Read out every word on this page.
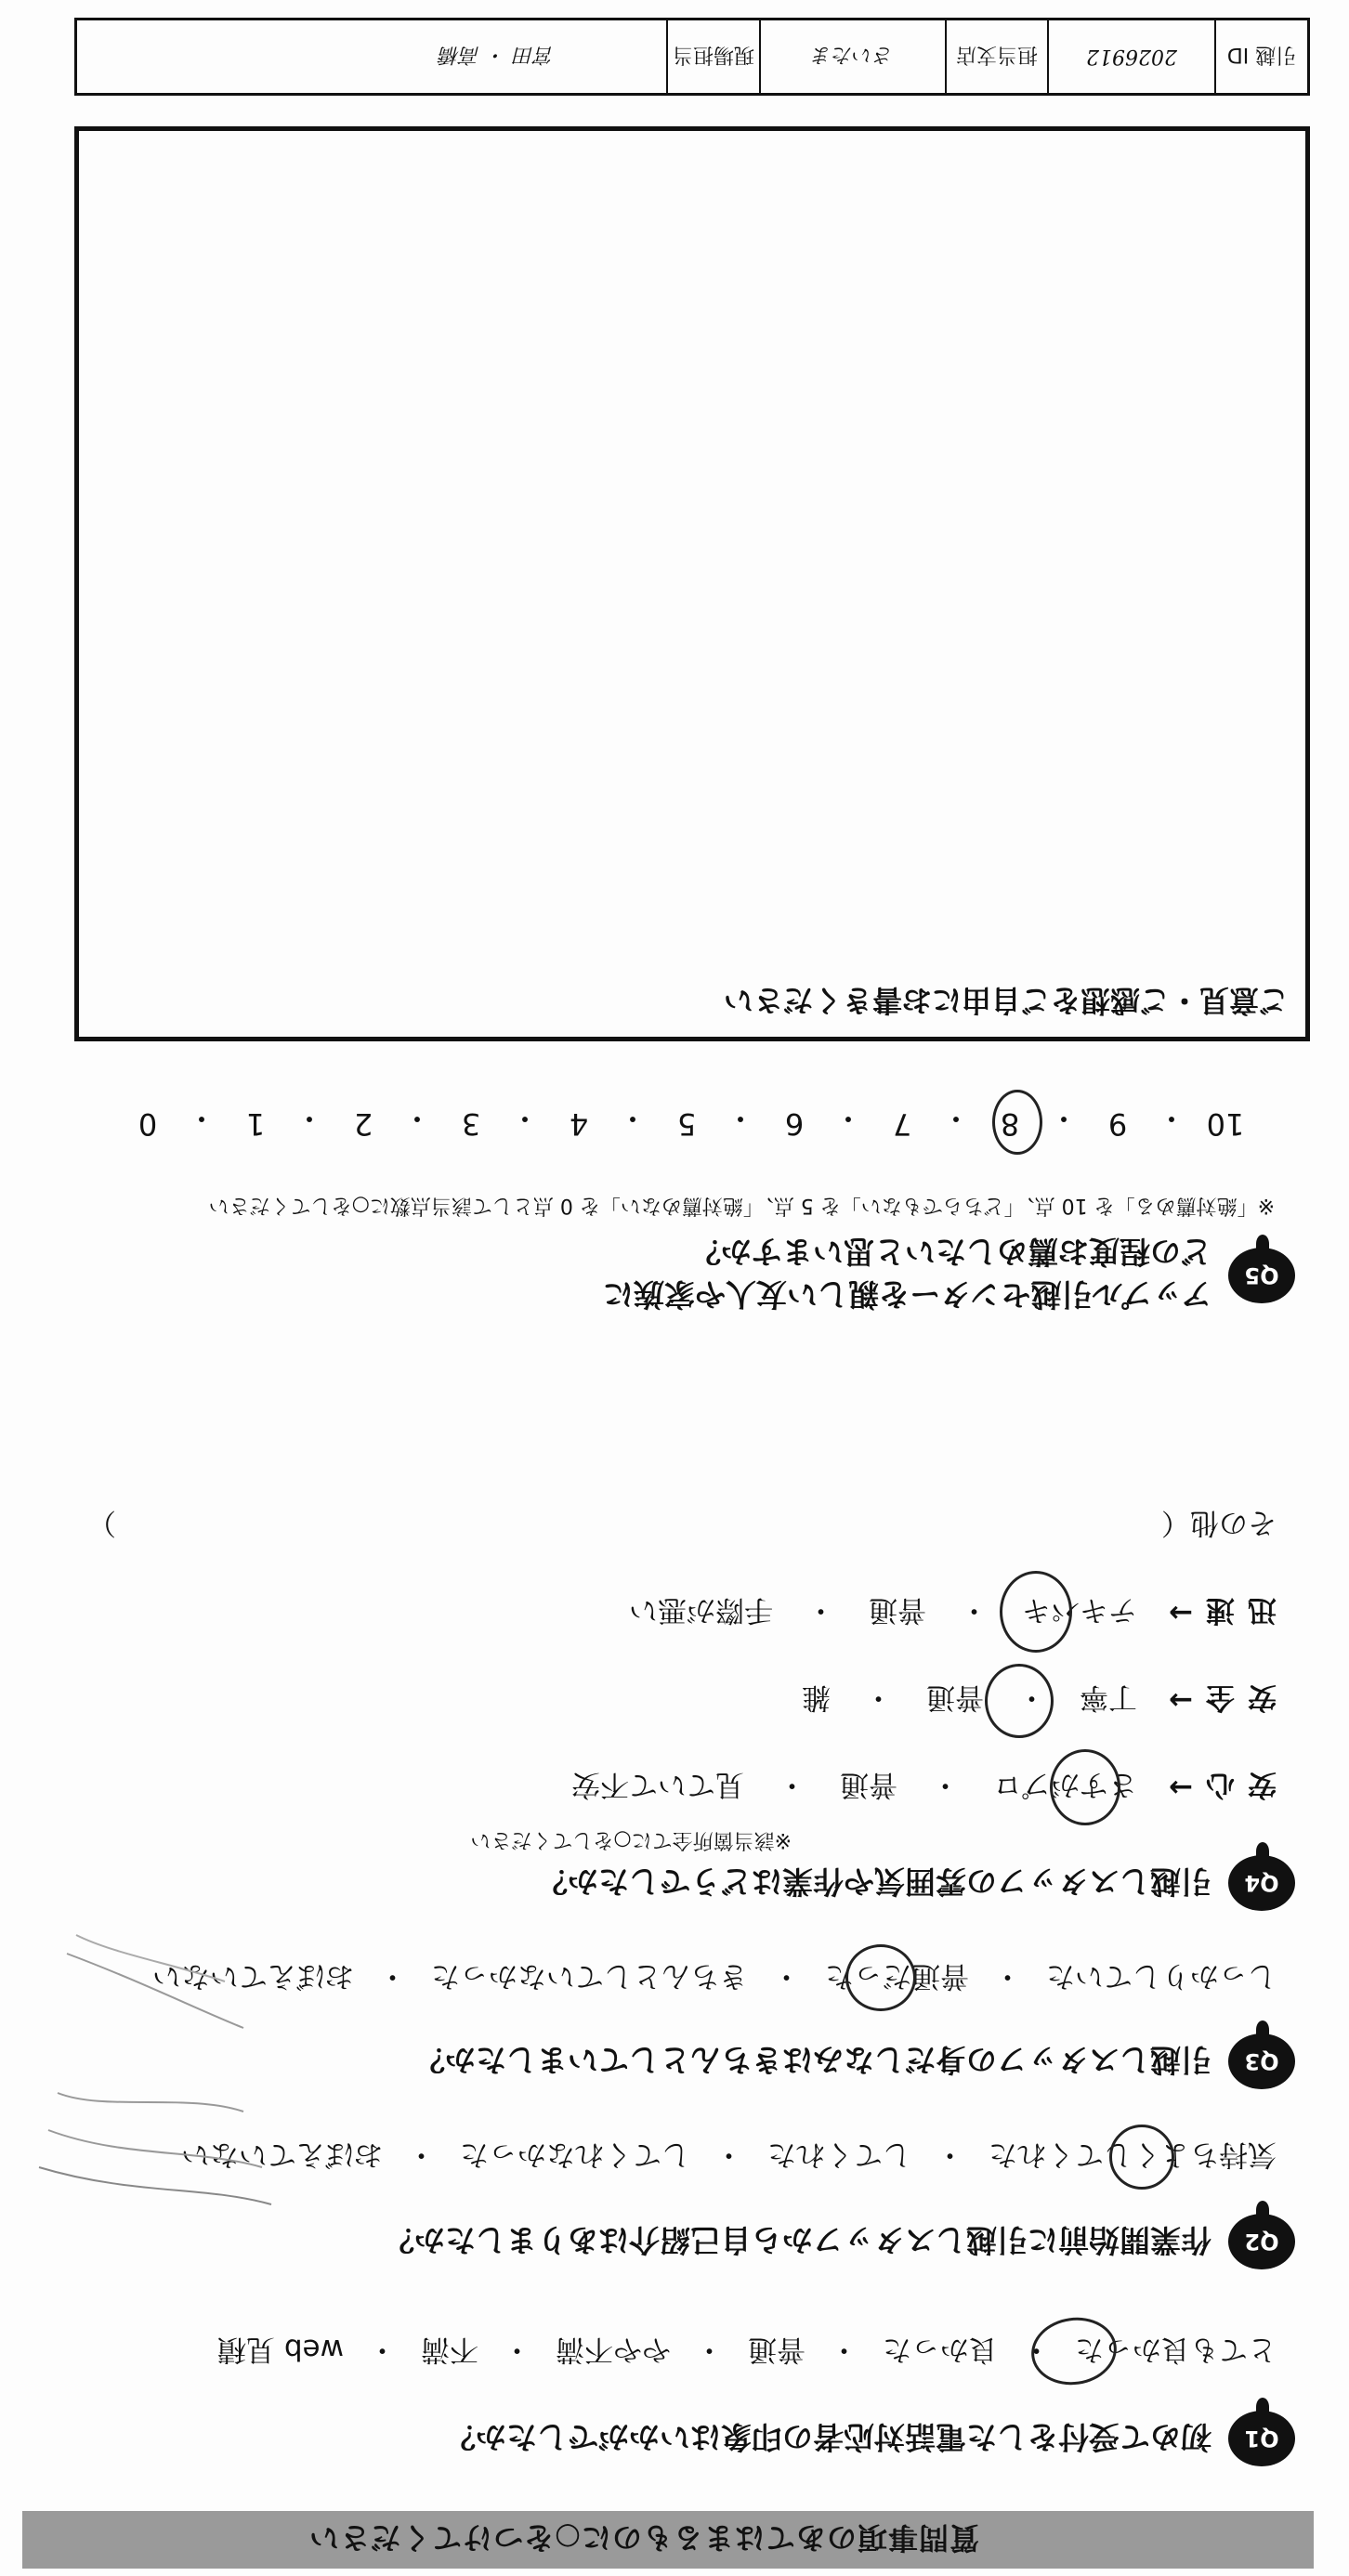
質問事項のあてはまるものに○をつけてください
Q1
初めて受付をした電話対応者の印象はいかがでしたか？
とても良かった
・
良かった
・
普通
・
やや不満
・
不満
・
web 見積
Q2
作業開始前に引越しスタッフから自己紹介はありましたか？
気持ちよくしてくれた
・
してくれた
・
してくれなかった
・
おぼえていない
Q3
引越しスタッフの身だしなみはきちんとしていましたか？
しっかりしていた
・
普通だった
・
きちんとしていなかった
・
おぼえていない
Q4
引越しスタッフの雰囲気や作業はどうでしたか？
※該当箇所全てに○をしてください
安心
→
さすがプロ
・
普通
・
見ていて不安
安全
→
丁寧
・
普通
・
雑
迅速
→
テキパキ
・
普通
・
手際が悪い
その他（
）
Q5
アップル引越センターを親しい友人や家族に
どの程度お薦めしたいと思いますか？
※「絶対薦める」を 10 点、「どちらでもない」を 5 点、「絶対薦めない」を 0 点として該当点数に○をしてください
10
・
9
・
8
・
7
・
6
・
5
・
4
・
3
・
2
・
1
・
0
ご意見・ご感想をご自由にお書きください
引越 ID
2026912
担当支店
さいたま
現場担当
宮田 ・ 高橋
